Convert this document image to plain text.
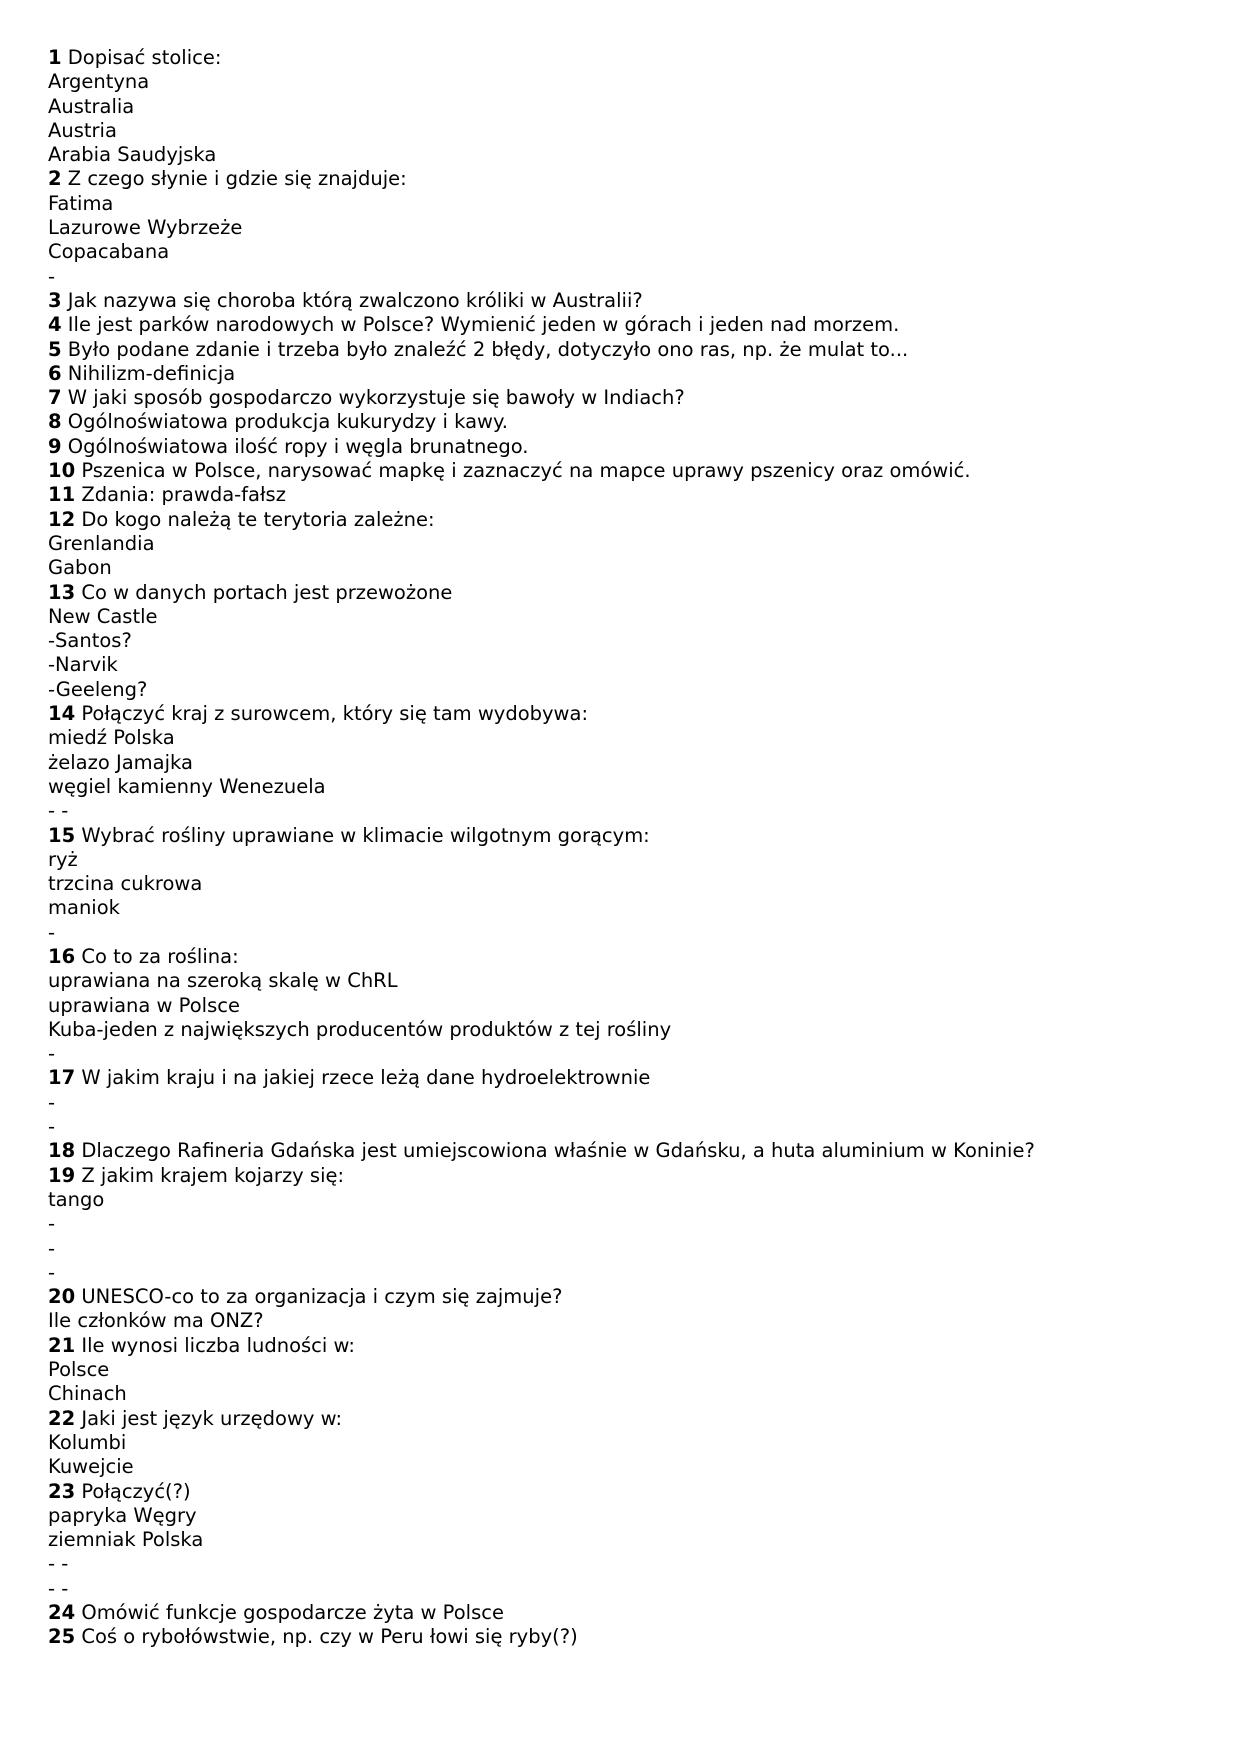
1 Dopisać stolice:
Argentyna
Australia
Austria
Arabia Saudyjska
2 Z czego słynie i gdzie się znajduje:
Fatima
Lazurowe Wybrzeże
Copacabana
-
3 Jak nazywa się choroba którą zwalczono króliki w Australii?
4 Ile jest parków narodowych w Polsce? Wymienić jeden w górach i jeden nad morzem.
5 Było podane zdanie i trzeba było znaleźć 2 błędy, dotyczyło ono ras, np. że mulat to...
6 Nihilizm-definicja
7 W jaki sposób gospodarczo wykorzystuje się bawoły w Indiach?
8 Ogólnoświatowa produkcja kukurydzy i kawy.
9 Ogólnoświatowa ilość ropy i węgla brunatnego.
10 Pszenica w Polsce, narysować mapkę i zaznaczyć na mapce uprawy pszenicy oraz omówić.
11 Zdania: prawda-fałsz
12 Do kogo należą te terytoria zależne:
Grenlandia
Gabon
13 Co w danych portach jest przewożone
New Castle
-Santos?
-Narvik
-Geeleng?
14 Połączyć kraj z surowcem, który się tam wydobywa:
miedź Polska
żelazo Jamajka
węgiel kamienny Wenezuela
- -
15 Wybrać rośliny uprawiane w klimacie wilgotnym gorącym:
ryż
trzcina cukrowa
maniok
-
16 Co to za roślina:
uprawiana na szeroką skalę w ChRL
uprawiana w Polsce
Kuba-jeden z największych producentów produktów z tej rośliny
-
17 W jakim kraju i na jakiej rzece leżą dane hydroelektrownie
-
-
18 Dlaczego Rafineria Gdańska jest umiejscowiona właśnie w Gdańsku, a huta aluminium w Koninie?
19 Z jakim krajem kojarzy się:
tango
-
-
-
20 UNESCO-co to za organizacja i czym się zajmuje?
Ile członków ma ONZ?
21 Ile wynosi liczba ludności w:
Polsce
Chinach
22 Jaki jest język urzędowy w:
Kolumbi
Kuwejcie
23 Połączyć(?)
papryka Węgry
ziemniak Polska
- -
- -
24 Omówić funkcje gospodarcze żyta w Polsce
25 Coś o rybołówstwie, np. czy w Peru łowi się ryby(?)
